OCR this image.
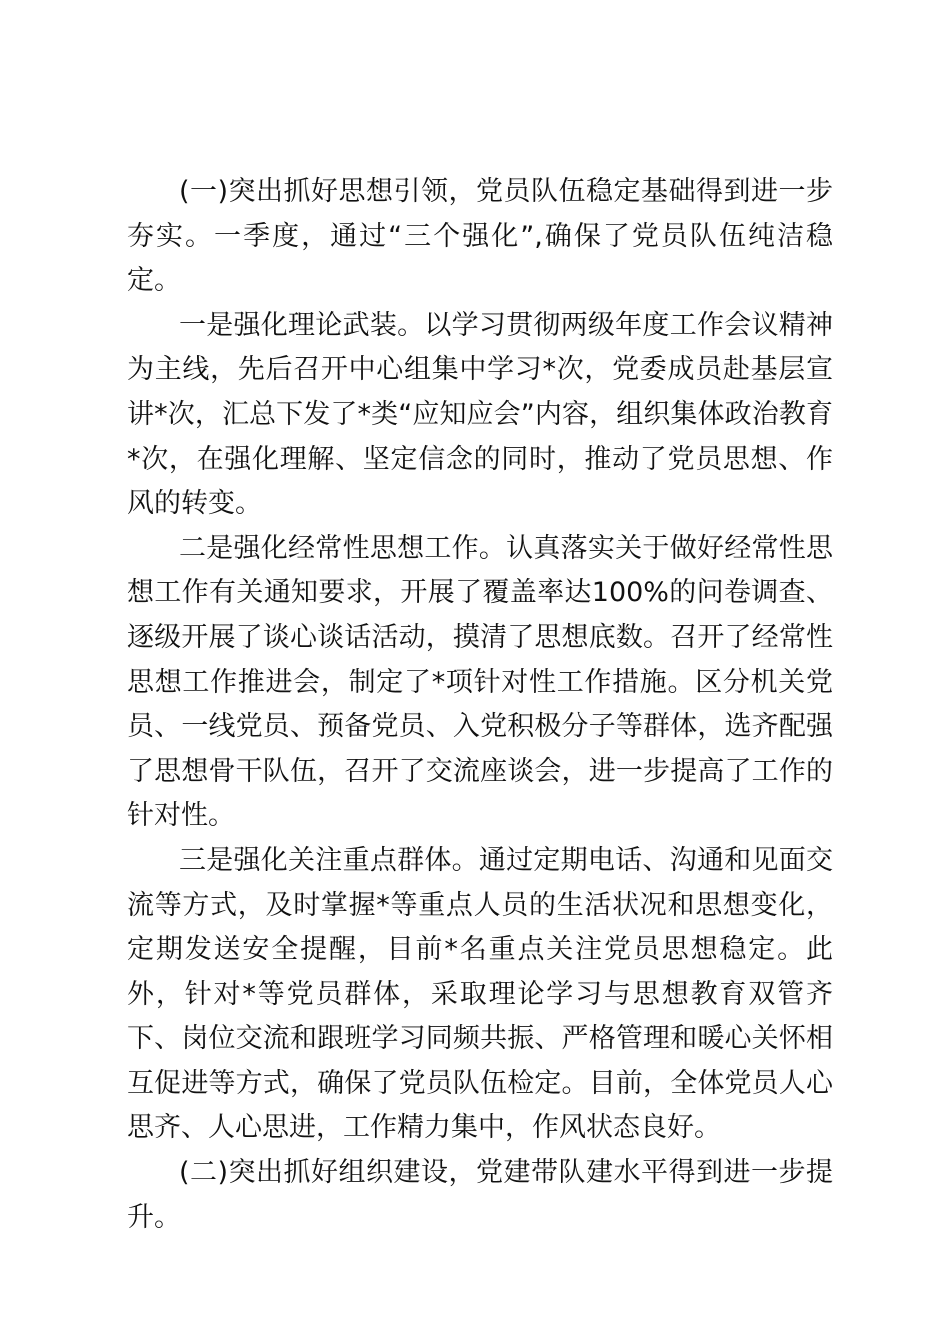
(一)突出抓好思想引领，党员队伍稳定基础得到进一步夯实。一季度，通过“三个强化”,确保了党员队伍纯洁稳定。

一是强化理论武装。以学习贯彻两级年度工作会议精神为主线，先后召开中心组集中学习*次，党委成员赴基层宣讲*次，汇总下发了*类“应知应会”内容，组织集体政治教育*次，在强化理解、坚定信念的同时，推动了党员思想、作风的转变。

二是强化经常性思想工作。认真落实关于做好经常性思想工作有关通知要求，开展了覆盖率达100%的问卷调查、逐级开展了谈心谈话活动，摸清了思想底数。召开了经常性思想工作推进会，制定了*项针对性工作措施。区分机关党员、一线党员、预备党员、入党积极分子等群体，选齐配强了思想骨干队伍，召开了交流座谈会，进一步提高了工作的针对性。

三是强化关注重点群体。通过定期电话、沟通和见面交流等方式，及时掌握*等重点人员的生活状况和思想变化，定期发送安全提醒，目前*名重点关注党员思想稳定。此外，针对*等党员群体，采取理论学习与思想教育双管齐下、岗位交流和跟班学习同频共振、严格管理和暖心关怀相互促进等方式，确保了党员队伍检定。目前，全体党员人心思齐、人心思进，工作精力集中，作风状态良好。

(二)突出抓好组织建设，党建带队建水平得到进一步提升。
